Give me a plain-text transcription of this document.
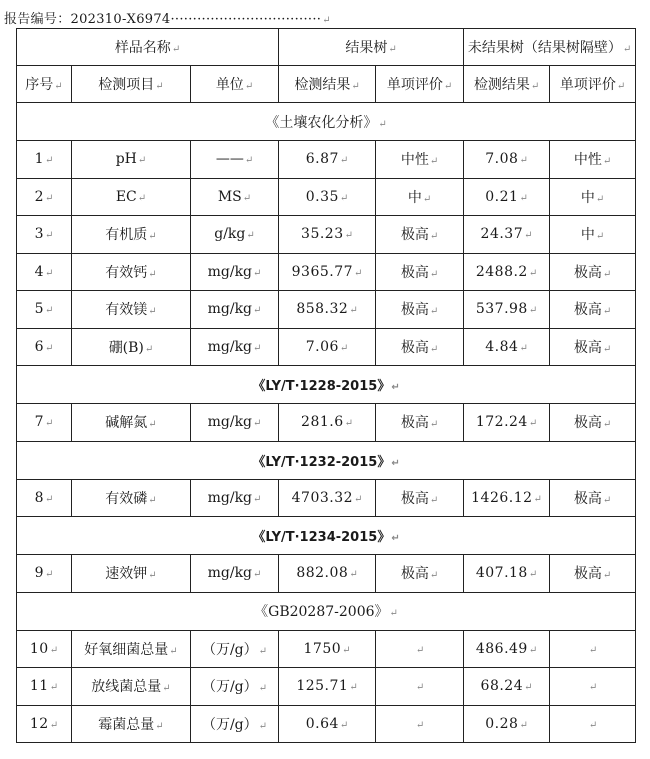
报告编号：202310-X6974··································↵
样品名称↵			结果树↵		未结果树（结果树隔壁）↵	
序号↵	检测项目↵	单位↵	检测结果↵	单项评价↵	检测结果↵	单项评价↵
《土壤农化分析》↵						
1↵	pH↵	——↵	6.87↵	中性↵	7.08↵	中性↵
2↵	EC↵	MS↵	0.35↵	中↵	0.21↵	中↵
3↵	有机质↵	g/kg↵	35.23↵	极高↵	24.37↵	中↵
4↵	有效钙↵	mg/kg↵	9365.77↵	极高↵	2488.2↵	极高↵
5↵	有效镁↵	mg/kg↵	858.32↵	极高↵	537.98↵	极高↵
6↵	硼(B)↵	mg/kg↵	7.06↵	极高↵	4.84↵	极高↵
《LY/T·1228-2015》↵						
7↵	碱解氮↵	mg/kg↵	281.6↵	极高↵	172.24↵	极高↵
《LY/T·1232-2015》↵						
8↵	有效磷↵	mg/kg↵	4703.32↵	极高↵	1426.12↵	极高↵
《LY/T·1234-2015》↵						
9↵	速效钾↵	mg/kg↵	882.08↵	极高↵	407.18↵	极高↵
《GB20287-2006》↵						
10↵	好氧细菌总量↵	（万/g）↵	1750↵	↵	486.49↵	↵
11↵	放线菌总量↵	（万/g）↵	125.71↵	↵	68.24↵	↵
12↵	霉菌总量↵	（万/g）↵	0.64↵	↵	0.28↵	↵
